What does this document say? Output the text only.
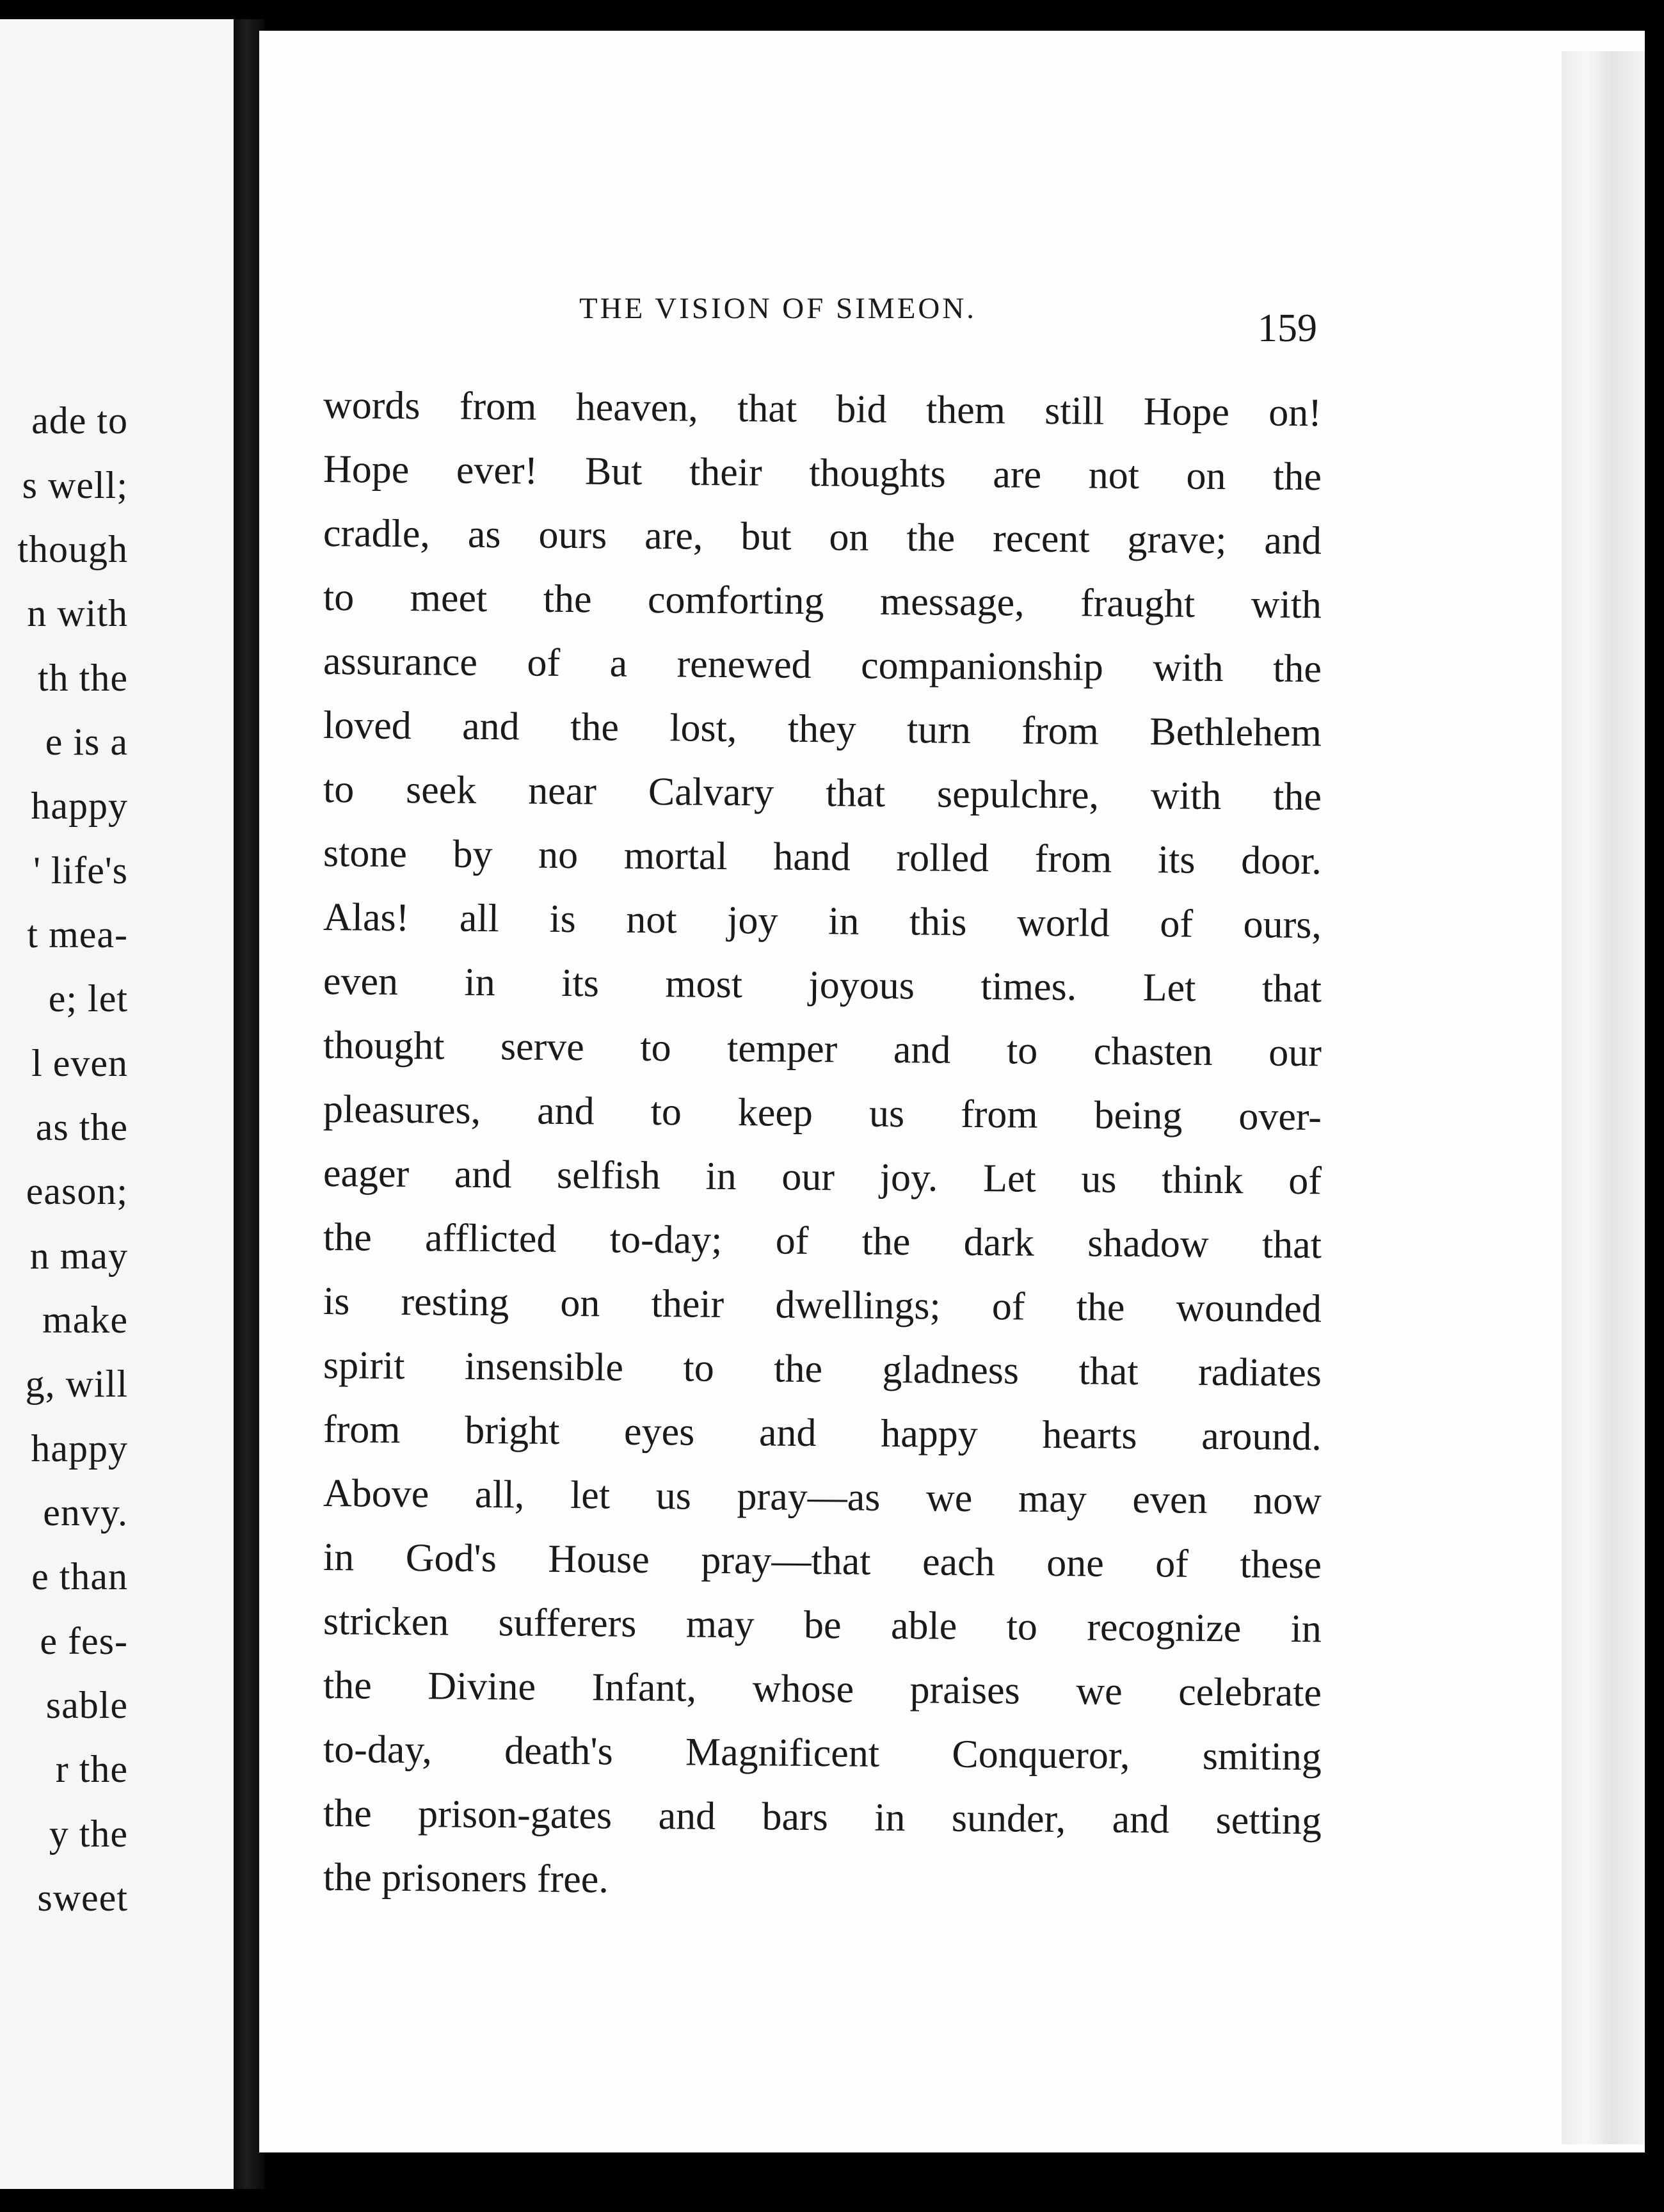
ade to
s well;
though
n with
th the
e is a
happy
' life's
t mea-
e; let
l even
as the
eason;
n may
make
g, will
happy
envy.
e than
e fes-
sable
r the
y the
sweet
THE VISION OF SIMEON.	159
words from heaven, that bid them still Hope on!
Hope ever! But their thoughts are not on the
cradle, as ours are, but on the recent grave; and
to meet the comforting message, fraught with
assurance of a renewed companionship with the
loved and the lost, they turn from Bethlehem
to seek near Calvary that sepulchre, with the
stone by no mortal hand rolled from its door.
Alas! all is not joy in this world of ours,
even in its most joyous times. Let that
thought serve to temper and to chasten our
pleasures, and to keep us from being over-
eager and selfish in our joy. Let us think of
the afflicted to-day; of the dark shadow that
is resting on their dwellings; of the wounded
spirit insensible to the gladness that radiates
from bright eyes and happy hearts around.
Above all, let us pray—as we may even now
in God's House pray—that each one of these
stricken sufferers may be able to recognize in
the Divine Infant, whose praises we celebrate
to-day, death's Magnificent Conqueror, smiting
the prison-gates and bars in sunder, and setting
the prisoners free.
